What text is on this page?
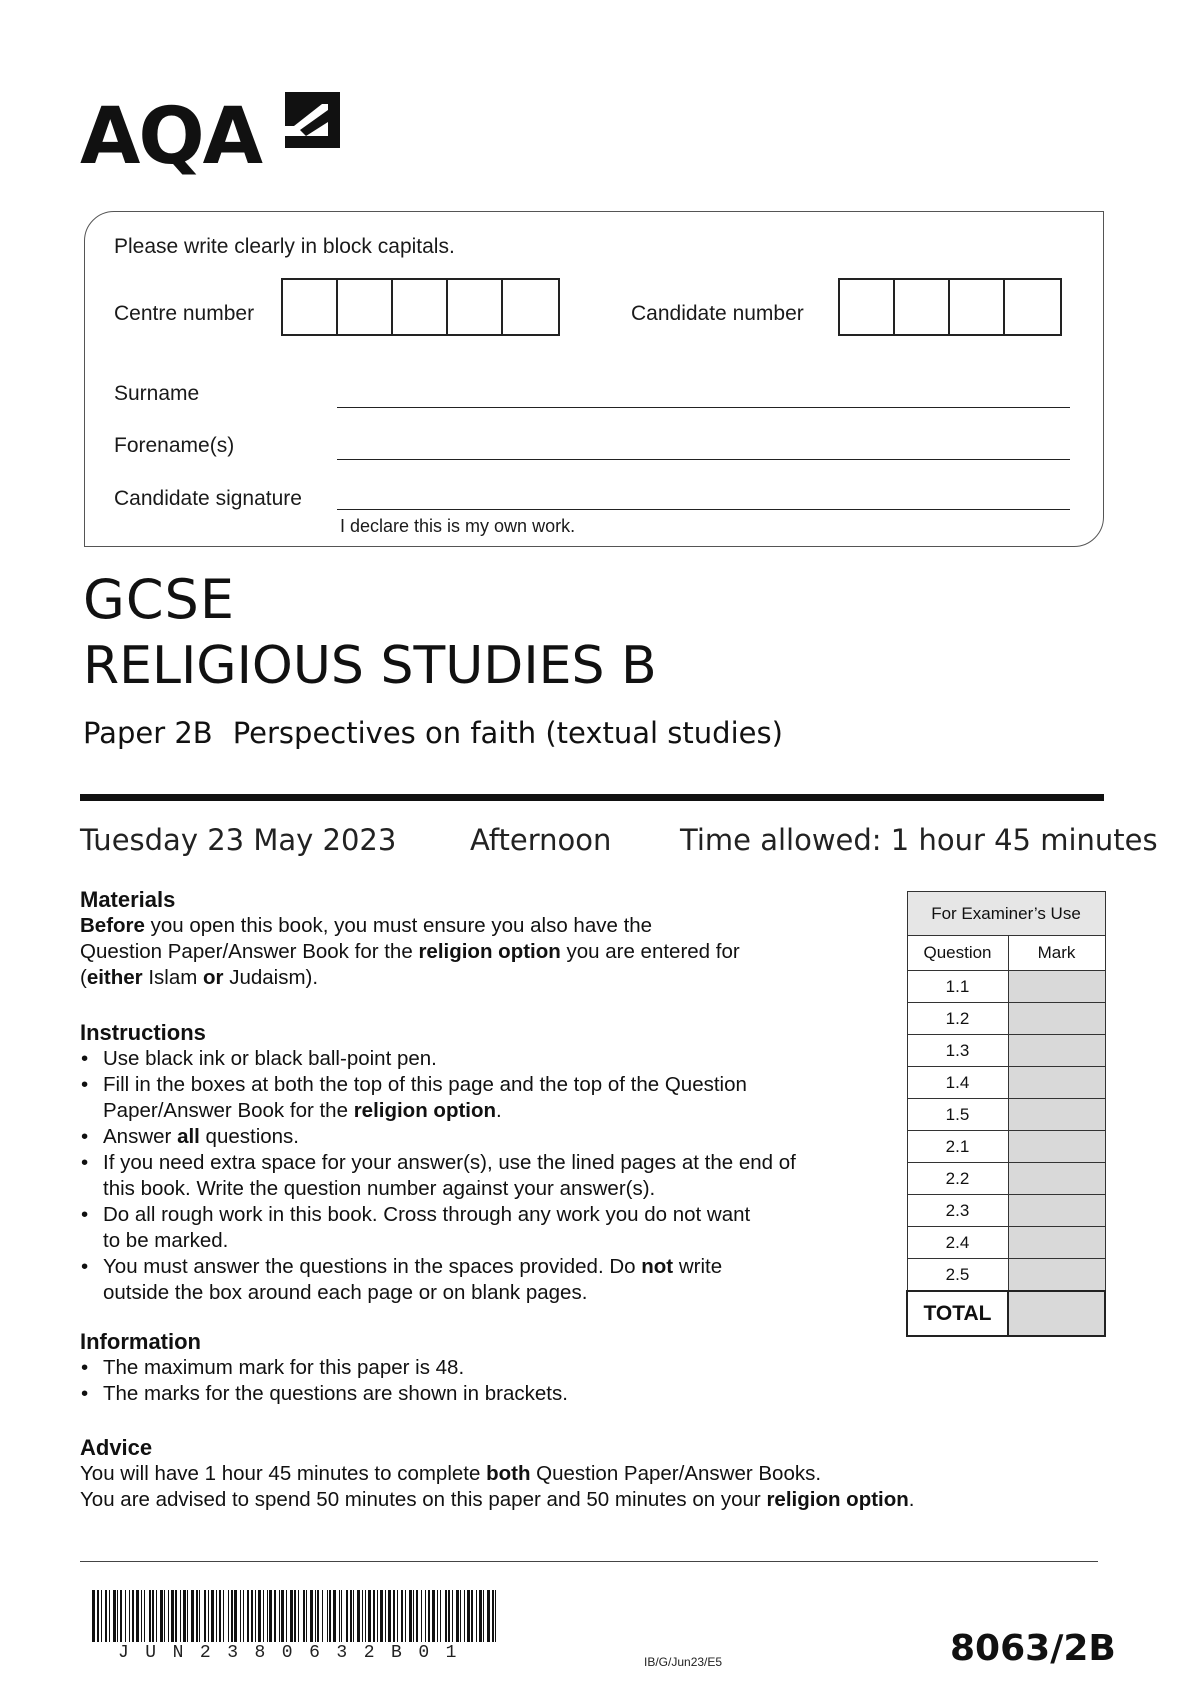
AQA
Please write clearly in block capitals.
Centre number	Candidate number
Surname
Forename(s)
Candidate signature
I declare this is my own work.
GCSE
RELIGIOUS STUDIES B
Paper 2B Perspectives on faith (textual studies)
Tuesday 23 May 2023	Afternoon Time allowed: 1 hour 45 minutes
Materials
Before you open this book, you must ensure you also have the
Question Paper/Answer Book for the religion option you are entered for
(either Islam or Judaism).
Instructions
• Use black ink or black ball-point pen.
• Fill in the boxes at both the top of this page and the top of the Question
Paper/Answer Book for the religion option.
• Answer all questions.
• If you need extra space for your answer(s), use the lined pages at the end of
this book. Write the question number against your answer(s).
• Do all rough work in this book. Cross through any work you do not want
to be marked.
• You must answer the questions in the spaces provided. Do not write
outside the box around each page or on blank pages.
Information
• The maximum mark for this paper is 48.
• The marks for the questions are shown in brackets.
Advice
You will have 1 hour 45 minutes to complete both Question Paper/Answer Books.
You are advised to spend 50 minutes on this paper and 50 minutes on your religion option.
For Examiner’s Use	
Question	Mark
1.1	
1.2	
1.3	
1.4	
1.5	
2.1	
2.2	
2.3	
2.4	
2.5	
TOTAL	
JUN2380632B01	IB/G/Jun23/E5	8063/2B
